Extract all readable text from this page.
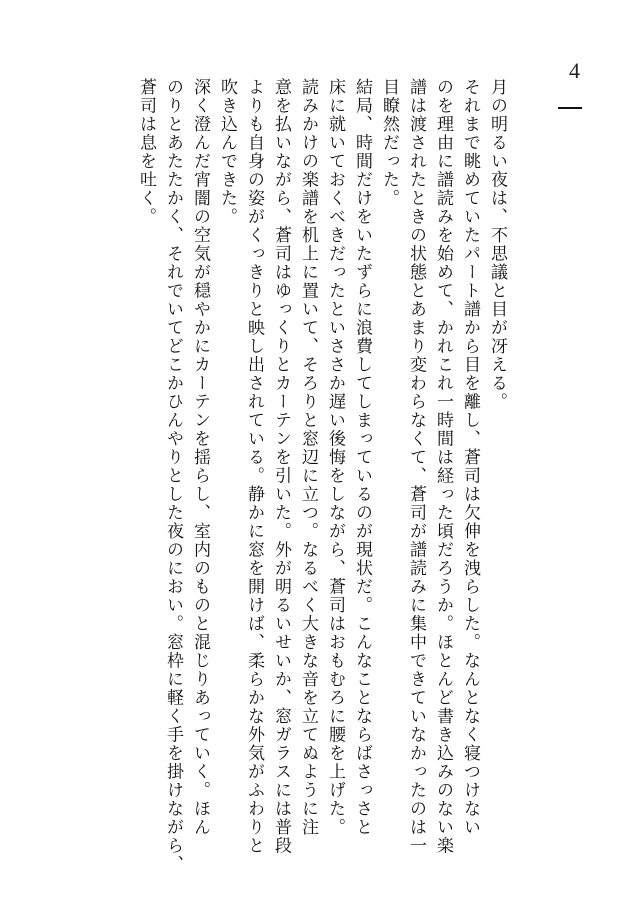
4
月の明るい夜は、不思議と目が冴える。
それまで眺めていたパート譜から目を離し、蒼司は欠伸を洩らした。なんとなく寝つけない
のを理由に譜読みを始めて、かれこれ一時間は経った頃だろうか。ほとんど書き込みのない楽
譜は渡されたときの状態とあまり変わらなくて、蒼司が譜読みに集中できていなかったのは一
目瞭然だった。
結局、時間だけをいたずらに浪費してしまっているのが現状だ。こんなことならばさっさと
床に就いておくべきだったといささか遅い後悔をしながら、蒼司はおもむろに腰を上げた。
読みかけの楽譜を机上に置いて、そろりと窓辺に立つ。なるべく大きな音を立てぬように注
意を払いながら、蒼司はゆっくりとカーテンを引いた。外が明るいせいか、窓ガラスには普段
よりも自身の姿がくっきりと映し出されている。静かに窓を開けば、柔らかな外気がふわりと
吹き込んできた。
深く澄んだ宵闇の空気が穏やかにカーテンを揺らし、室内のものと混じりあっていく。ほん
のりとあたたかく、それでいてどこかひんやりとした夜のにおい。窓枠に軽く手を掛けながら、
蒼司は息を吐く。
